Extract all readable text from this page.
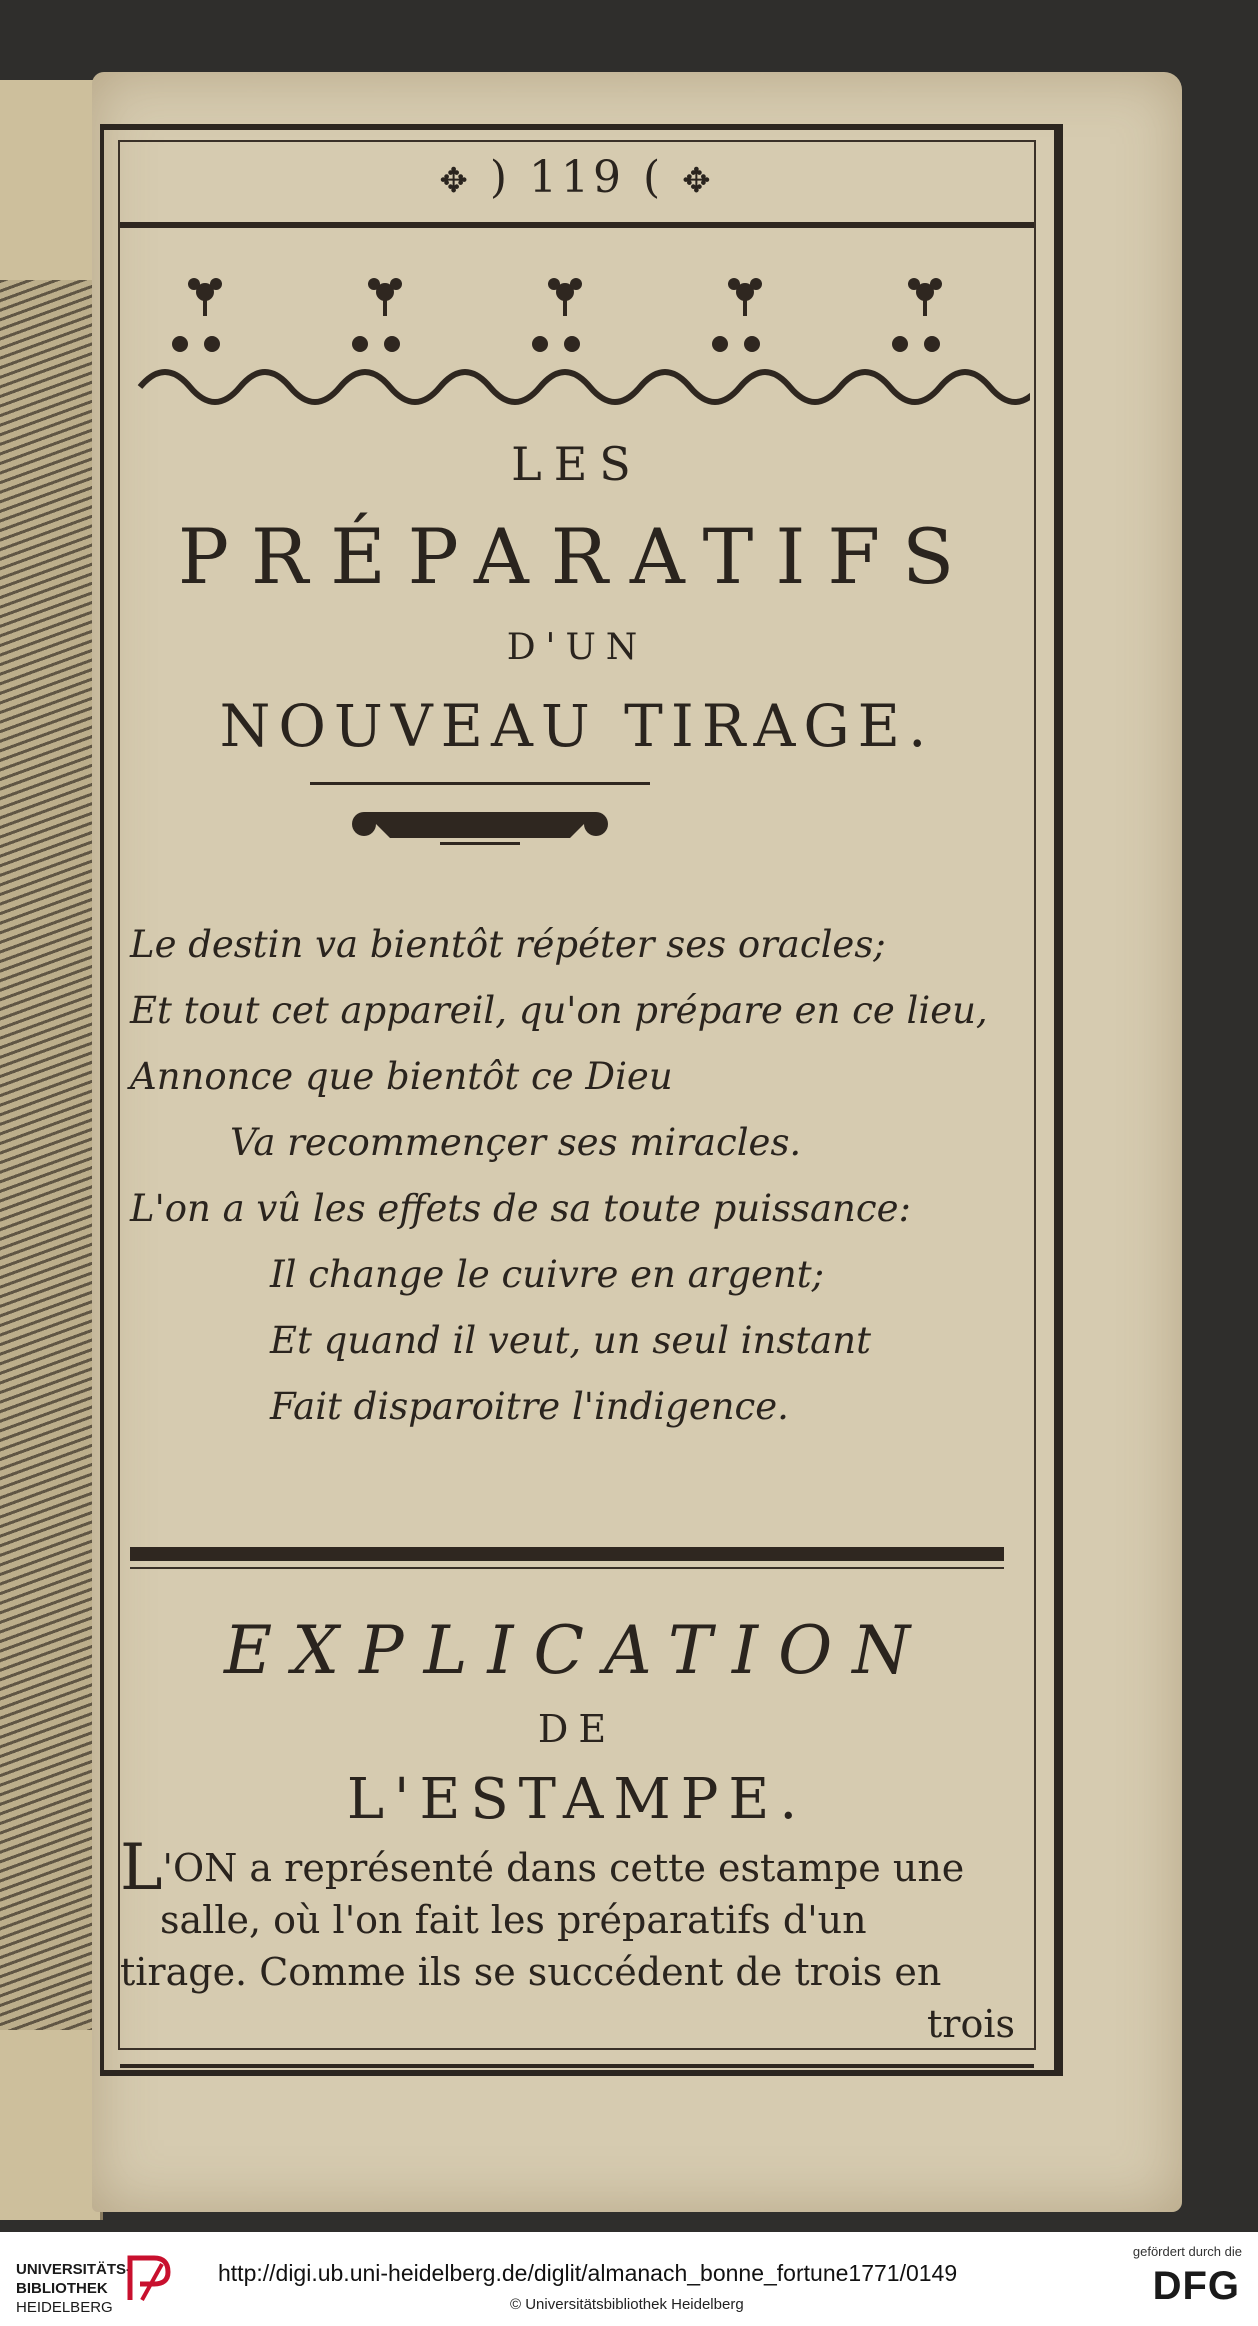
✥ ) 119 ( ✥
LES
PRÉPARATIFS
D'UN
NOUVEAU TIRAGE.
Le destin va bientôt répéter ses oracles;
Et tout cet appareil, qu'on prépare en ce lieu,
Annonce que bientôt ce Dieu
Va recommençer ses miracles.
L'on a vû les effets de sa toute puissance:
Il change le cuivre en argent;
Et quand il veut, un seul instant
Fait disparoitre l'indigence.
EXPLICATION
DE
L'ESTAMPE.
L'ON a représenté dans cette estampe une
salle, où l'on fait les préparatifs d'un
tirage. Comme ils se succédent de trois en
trois
UNIVERSITÄTS-
BIBLIOTHEK
HEIDELBERG
http://digi.ub.uni-heidelberg.de/diglit/almanach_bonne_fortune1771/0149
© Universitätsbibliothek Heidelberg
gefördert durch die
DFG
